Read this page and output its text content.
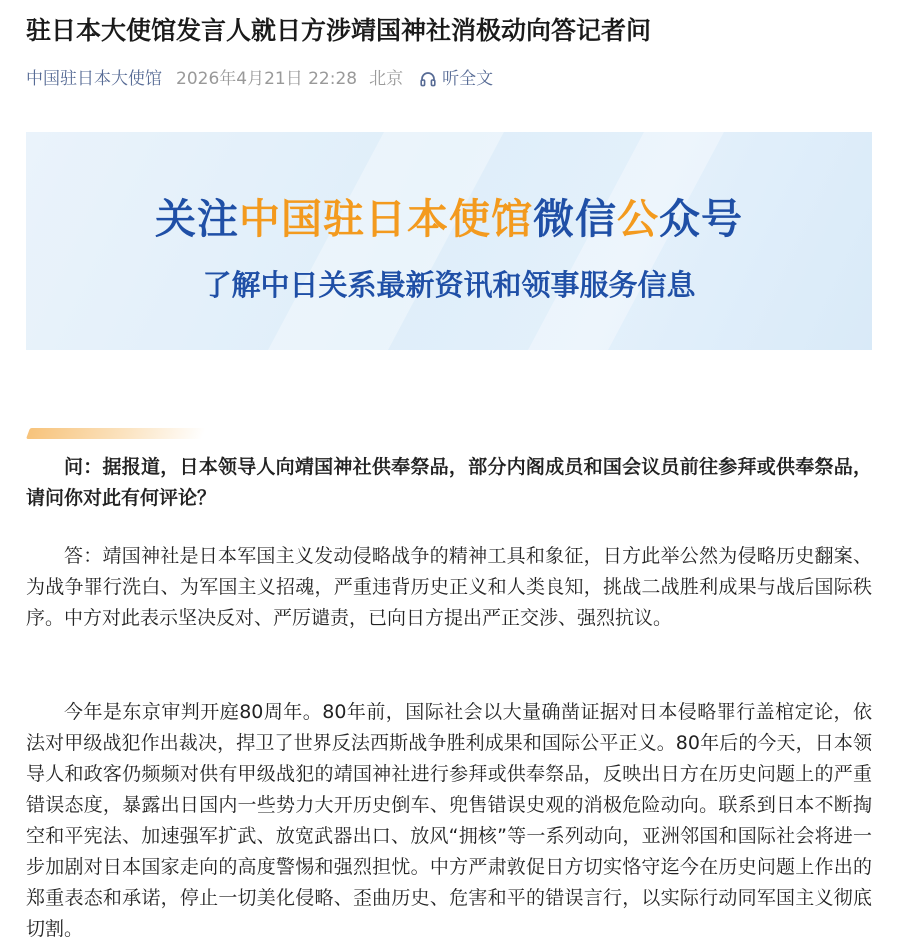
驻日本大使馆发言人就日方涉靖国神社消极动向答记者问
中国驻日本大使馆 2026年4月21日 22:28 北京 听全文
关注中国驻日本使馆微信公众号
了解中日关系最新资讯和领事服务信息

问：据报道，日本领导人向靖国神社供奉祭品，部分内阁成员和国会议员前往参拜或供奉祭品，请问你对此有何评论？

答：靖国神社是日本军国主义发动侵略战争的精神工具和象征，日方此举公然为侵略历史翻案、为战争罪行洗白、为军国主义招魂，严重违背历史正义和人类良知，挑战二战胜利成果与战后国际秩序。中方对此表示坚决反对、严厉谴责，已向日方提出严正交涉、强烈抗议。

今年是东京审判开庭80周年。80年前，国际社会以大量确凿证据对日本侵略罪行盖棺定论，依法对甲级战犯作出裁决，捍卫了世界反法西斯战争胜利成果和国际公平正义。80年后的今天，日本领导人和政客仍频频对供有甲级战犯的靖国神社进行参拜或供奉祭品，反映出日方在历史问题上的严重错误态度，暴露出日国内一些势力大开历史倒车、兜售错误史观的消极危险动向。联系到日本不断掏空和平宪法、加速强军扩武、放宽武器出口、放风“拥核”等一系列动向，亚洲邻国和国际社会将进一步加剧对日本国家走向的高度警惕和强烈担忧。中方严肃敦促日方切实恪守迄今在历史问题上作出的郑重表态和承诺，停止一切美化侵略、歪曲历史、危害和平的错误言行，以实际行动同军国主义彻底切割。
